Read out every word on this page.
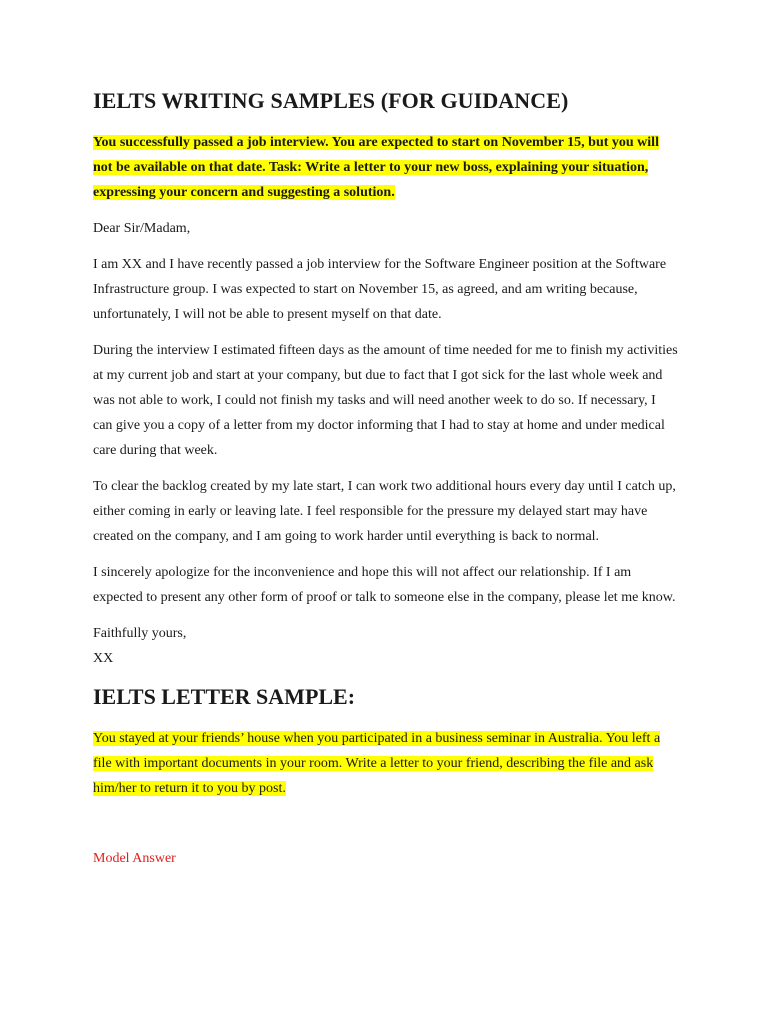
IELTS WRITING SAMPLES (FOR GUIDANCE)

You successfully passed a job interview. You are expected to start on November 15, but you will not be available on that date. Task: Write a letter to your new boss, explaining your situation, expressing your concern and suggesting a solution.

Dear Sir/Madam,

I am XX and I have recently passed a job interview for the Software Engineer position at the Software Infrastructure group. I was expected to start on November 15, as agreed, and am writing because, unfortunately, I will not be able to present myself on that date.

During the interview I estimated fifteen days as the amount of time needed for me to finish my activities at my current job and start at your company, but due to fact that I got sick for the last whole week and was not able to work, I could not finish my tasks and will need another week to do so. If necessary, I can give you a copy of a letter from my doctor informing that I had to stay at home and under medical care during that week.

To clear the backlog created by my late start, I can work two additional hours every day until I catch up, either coming in early or leaving late. I feel responsible for the pressure my delayed start may have created on the company, and I am going to work harder until everything is back to normal.

I sincerely apologize for the inconvenience and hope this will not affect our relationship. If I am expected to present any other form of proof or talk to someone else in the company, please let me know.

Faithfully yours,
XX

IELTS LETTER SAMPLE:

You stayed at your friends’ house when you participated in a business seminar in Australia. You left a file with important documents in your room. Write a letter to your friend, describing the file and ask him/her to return it to you by post.

Model Answer
